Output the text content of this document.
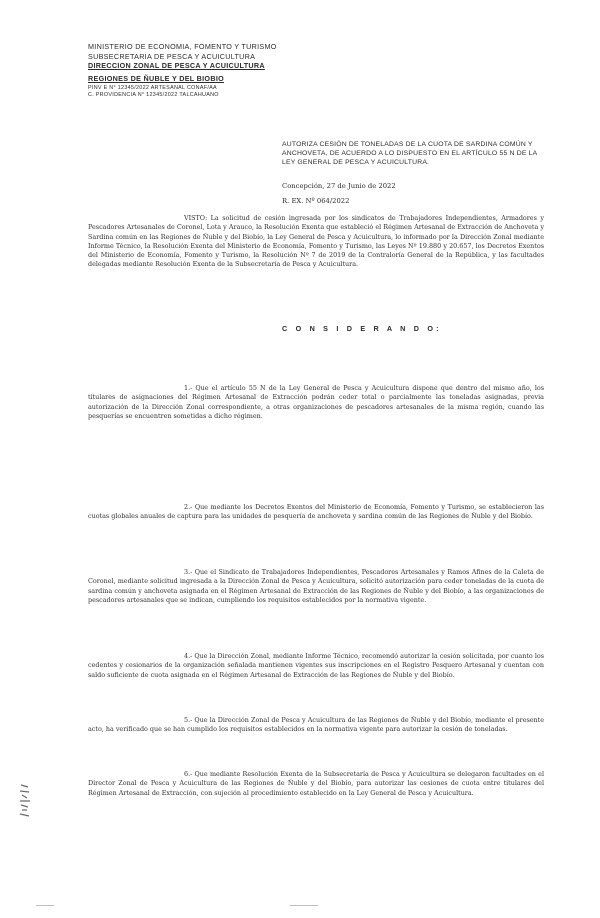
MINISTERIO DE ECONOMIA, FOMENTO Y TURISMO
SUBSECRETARIA DE PESCA Y ACUICULTURA
DIRECCION ZONAL DE PESCA Y ACUICULTURA
REGIONES DE ÑUBLE Y DEL BIOBIO
PINV E N° 12345/2022 ARTESANAL CONAF/AA
C. PROVIDENCIA N° 12345/2022 TALCAHUANO
AUTORIZA CESIÓN DE TONELADAS DE LA CUOTA DE SARDINA COMÚN Y ANCHOVETA, DE ACUERDO A LO DISPUESTO EN EL ARTÍCULO 55 N DE LA LEY GENERAL DE PESCA Y ACUICULTURA.
Concepción, 27 de Junio de 2022
R. EX. Nº 064/2022
VISTO: La solicitud de cesión ingresada por los sindicatos de Trabajadores Independientes, Armadores y Pescadores Artesanales de Coronel, Lota y Arauco, la Resolución Exenta que estableció el Régimen Artesanal de Extracción de Anchoveta y Sardina común en las Regiones de Ñuble y del Biobío, la Ley General de Pesca y Acuicultura, lo informado por la Dirección Zonal mediante Informe Técnico, la Resolución Exenta del Ministerio de Economía, Fomento y Turismo, las Leyes Nº 19.880 y 20.657, los Decretos Exentos del Ministerio de Economía, Fomento y Turismo, la Resolución Nº 7 de 2019 de la Contraloría General de la República, y las facultades delegadas mediante Resolución Exenta de la Subsecretaría de Pesca y Acuicultura.
C O N S I D E R A N D O:
1.- Que el artículo 55 N de la Ley General de Pesca y Acuicultura dispone que dentro del mismo año, los titulares de asignaciones del Régimen Artesanal de Extracción podrán ceder total o parcialmente las toneladas asignadas, previa autorización de la Dirección Zonal correspondiente, a otras organizaciones de pescadores artesanales de la misma región, cuando las pesquerías se encuentren sometidas a dicho régimen.
2.- Que mediante los Decretos Exentos del Ministerio de Economía, Fomento y Turismo, se establecieron las cuotas globales anuales de captura para las unidades de pesquería de anchoveta y sardina común de las Regiones de Ñuble y del Biobío.
3.- Que el Sindicato de Trabajadores Independientes, Pescadores Artesanales y Ramos Afines de la Caleta de Coronel, mediante solicitud ingresada a la Dirección Zonal de Pesca y Acuicultura, solicitó autorización para ceder toneladas de la cuota de sardina común y anchoveta asignada en el Régimen Artesanal de Extracción de las Regiones de Ñuble y del Biobío, a las organizaciones de pescadores artesanales que se indican, cumpliendo los requisitos establecidos por la normativa vigente.
4.- Que la Dirección Zonal, mediante Informe Técnico, recomendó autorizar la cesión solicitada, por cuanto los cedentes y cesionarios de la organización señalada mantienen vigentes sus inscripciones en el Registro Pesquero Artesanal y cuentan con saldo suficiente de cuota asignada en el Régimen Artesanal de Extracción de las Regiones de Ñuble y del Biobío.
5.- Que la Dirección Zonal de Pesca y Acuicultura de las Regiones de Ñuble y del Biobío, mediante el presente acto, ha verificado que se han cumplido los requisitos establecidos en la normativa vigente para autorizar la cesión de toneladas.
6.- Que mediante Resolución Exenta de la Subsecretaría de Pesca y Acuicultura se delegaron facultades en el Director Zonal de Pesca y Acuicultura de las Regiones de Ñuble y del Biobío, para autorizar las cesiones de cuota entre titulares del Régimen Artesanal de Extracción, con sujeción al procedimiento establecido en la Ley General de Pesca y Acuicultura.
